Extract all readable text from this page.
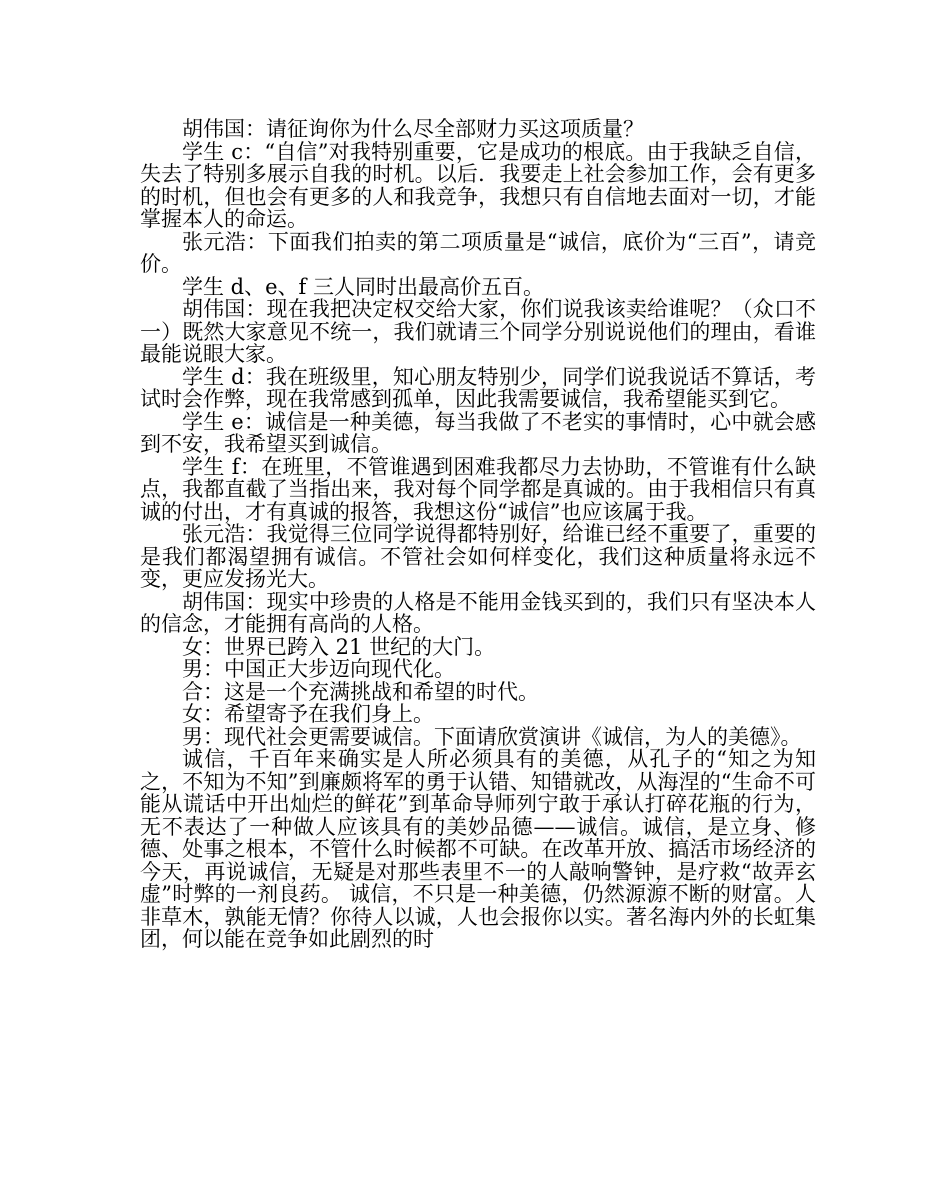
胡伟国：请征询你为什么尽全部财力买这项质量？

学生 c：“自信”对我特别重要，它是成功的根底。由于我缺乏自信，失去了特别多展示自我的时机。以后．我要走上社会参加工作，会有更多的时机，但也会有更多的人和我竞争，我想只有自信地去面对一切，才能掌握本人的命运。

张元浩：下面我们拍卖的第二项质量是“诚信，底价为“三百”，请竞价。

学生 d、e、f 三人同时出最高价五百。

胡伟国：现在我把决定权交给大家，你们说我该卖给谁呢？（众口不一）既然大家意见不统一，我们就请三个同学分别说说他们的理由，看谁最能说眼大家。

学生 d：我在班级里，知心朋友特别少，同学们说我说话不算话，考试时会作弊，现在我常感到孤单，因此我需要诚信，我希望能买到它。

学生 e：诚信是一种美德，每当我做了不老实的事情时，心中就会感到不安，我希望买到诚信。

学生 f：在班里，不管谁遇到困难我都尽力去协助，不管谁有什么缺点，我都直截了当指出来，我对每个同学都是真诚的。由于我相信只有真诚的付出，才有真诚的报答，我想这份“诚信”也应该属于我。

张元浩：我觉得三位同学说得都特别好，给谁已经不重要了，重要的是我们都渴望拥有诚信。不管社会如何样变化，我们这种质量将永远不变，更应发扬光大。

胡伟国：现实中珍贵的人格是不能用金钱买到的，我们只有坚决本人的信念，才能拥有高尚的人格。

女：世界已跨入 21 世纪的大门。

男：中国正大步迈向现代化。

合：这是一个充满挑战和希望的时代。

女：希望寄予在我们身上。

男：现代社会更需要诚信。下面请欣赏演讲《诚信，为人的美德》。

诚信，千百年来确实是人所必须具有的美德，从孔子的“知之为知之，不知为不知”到廉颇将军的勇于认错、知错就改，从海涅的“生命不可能从谎话中开出灿烂的鲜花”到革命导师列宁敢于承认打碎花瓶的行为，无不表达了一种做人应该具有的美妙品德——诚信。诚信，是立身、修德、处事之根本，不管什么时候都不可缺。在改革开放、搞活市场经济的今天，再说诚信，无疑是对那些表里不一的人敲响警钟，是疗救“故弄玄虚”时弊的一剂良药。 诚信，不只是一种美德，仍然源源不断的财富。人非草木，孰能无情？你待人以诚，人也会报你以实。著名海内外的长虹集团，何以能在竞争如此剧烈的时
